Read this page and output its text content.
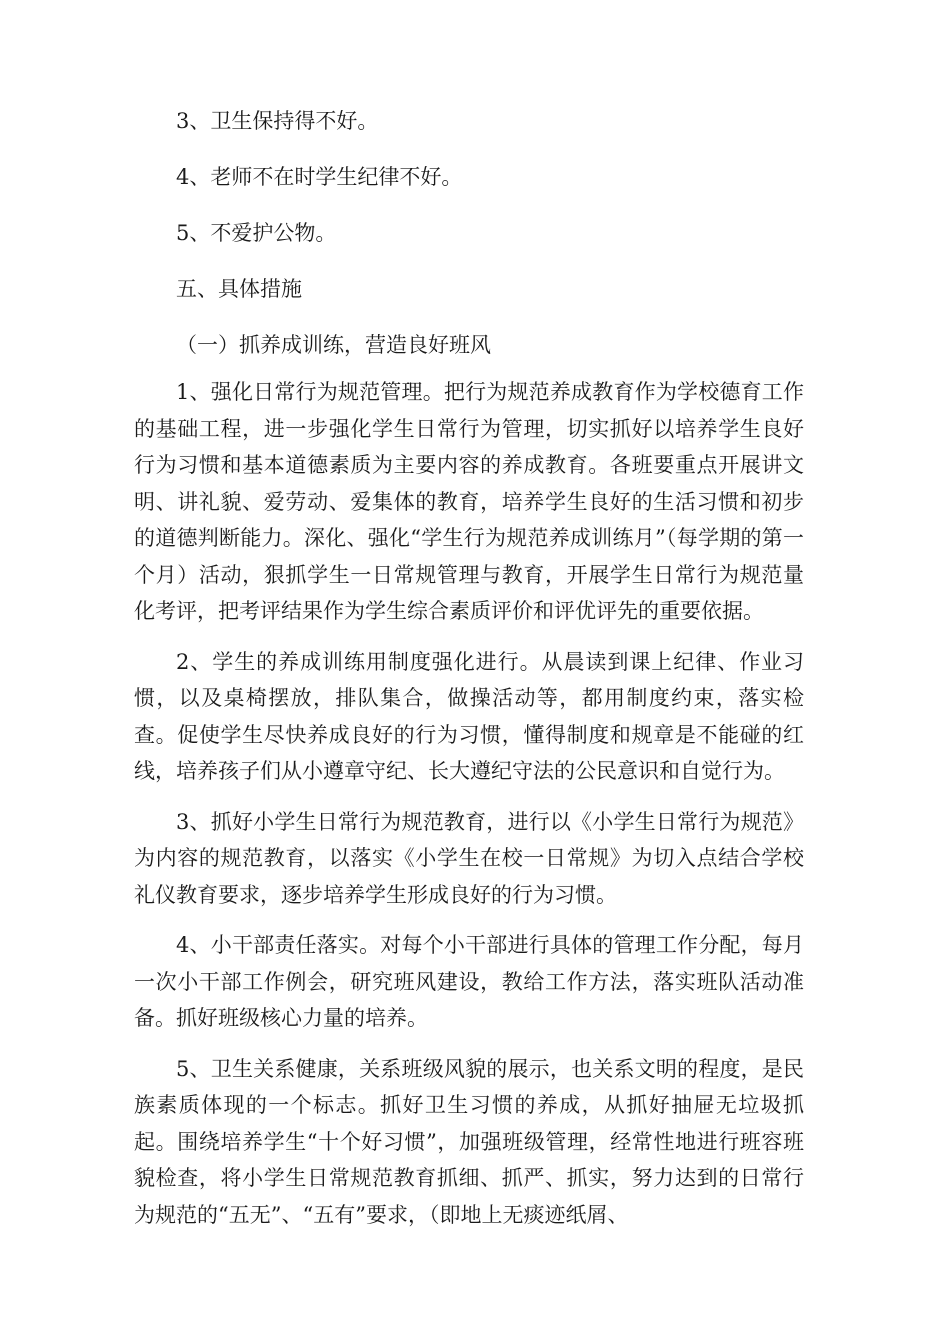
3、卫生保持得不好。

4、老师不在时学生纪律不好。

5、不爱护公物。

五、具体措施

（一）抓养成训练，营造良好班风

1、强化日常行为规范管理。把行为规范养成教育作为学校德育工作的基础工程，进一步强化学生日常行为管理，切实抓好以培养学生良好行为习惯和基本道德素质为主要内容的养成教育。各班要重点开展讲文明、讲礼貌、爱劳动、爱集体的教育，培养学生良好的生活习惯和初步的道德判断能力。深化、强化“学生行为规范养成训练月”（每学期的第一个月）活动，狠抓学生一日常规管理与教育，开展学生日常行为规范量化考评，把考评结果作为学生综合素质评价和评优评先的重要依据。

2、学生的养成训练用制度强化进行。从晨读到课上纪律、作业习惯，以及桌椅摆放，排队集合，做操活动等，都用制度约束，落实检查。促使学生尽快养成良好的行为习惯，懂得制度和规章是不能碰的红线，培养孩子们从小遵章守纪、长大遵纪守法的公民意识和自觉行为。

3、抓好小学生日常行为规范教育，进行以《小学生日常行为规范》为内容的规范教育，以落实《小学生在校一日常规》为切入点结合学校礼仪教育要求，逐步培养学生形成良好的行为习惯。

4、小干部责任落实。对每个小干部进行具体的管理工作分配，每月一次小干部工作例会，研究班风建设，教给工作方法，落实班队活动准备。抓好班级核心力量的培养。

5、卫生关系健康，关系班级风貌的展示，也关系文明的程度，是民族素质体现的一个标志。抓好卫生习惯的养成，从抓好抽屉无垃圾抓起。围绕培养学生“十个好习惯”，加强班级管理，经常性地进行班容班貌检查，将小学生日常规范教育抓细、抓严、抓实，努力达到的日常行为规范的“五无”、“五有”要求，（即地上无痰迹纸屑、
